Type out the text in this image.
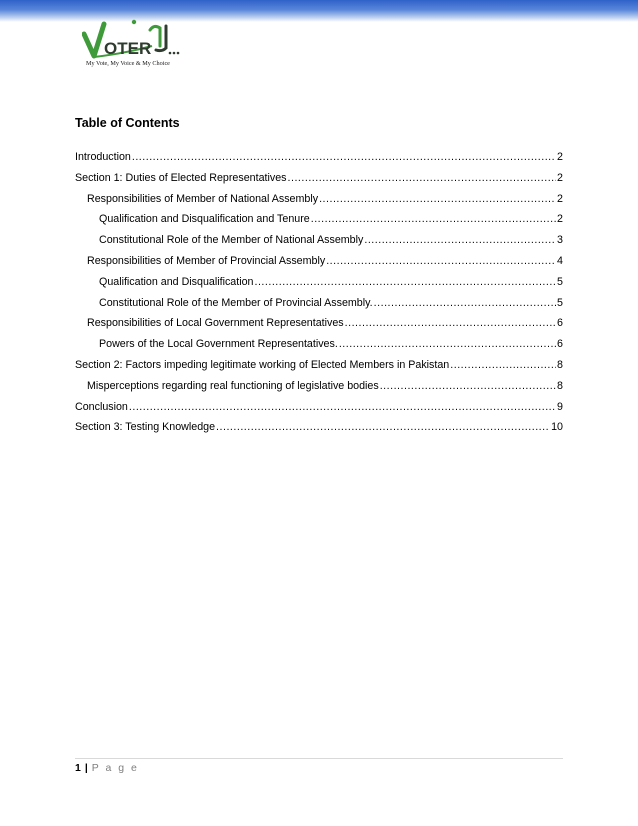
OTER
My Vote, My Voice & My Choice
Table of Contents
Introduction .....	2
Section 1: Duties of Elected Representatives .....	2
Responsibilities of Member of National Assembly .....	2
Qualification and Disqualification and Tenure .....	2
Constitutional Role of the Member of National Assembly .....	3
Responsibilities of Member of Provincial Assembly .....	4
Qualification and Disqualification .....	5
Constitutional Role of the Member of Provincial Assembly. .....	5
Responsibilities of Local Government Representatives .....	6
Powers of the Local Government Representatives. .....	6
Section 2: Factors impeding legitimate working of Elected Members in Pakistan .....	8
Misperceptions regarding real functioning of legislative bodies .....	8
Conclusion .....	9
Section 3: Testing Knowledge .....	10
1 | P a g e
